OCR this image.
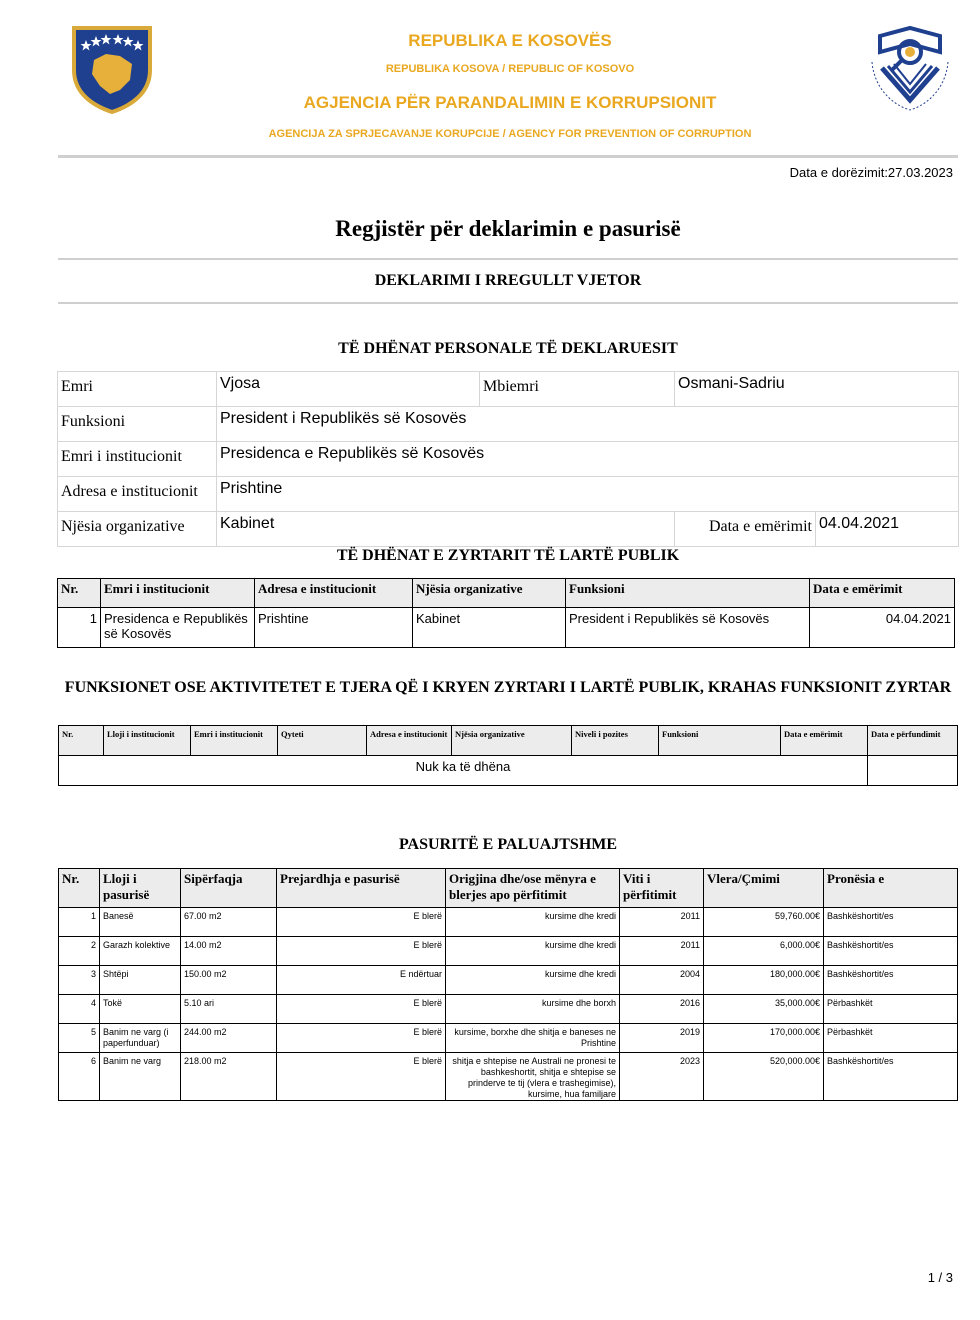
REPUBLIKA E KOSOVËS
REPUBLIKA KOSOVA / REPUBLIC OF KOSOVO
AGJENCIA PËR PARANDALIMIN E KORRUPSIONIT
AGENCIJA ZA SPRJECAVANJE KORUPCIJE / AGENCY FOR PREVENTION OF CORRUPTION
Data e dorëzimit:27.03.2023
Regjistër për deklarimin e pasurisë
DEKLARIMI I RREGULLT VJETOR
TË DHËNAT PERSONALE TË DEKLARUESIT
Emri	Vjosa	Mbiemri	Osmani-Sadriu	
Funksioni	President i Republikës së Kosovës			
Emri i institucionit	Presidenca e Republikës së Kosovës			
Adresa e institucionit	Prishtine			
Njësia organizative	Kabinet		Data e emërimit	04.04.2021
TË DHËNAT E ZYRTARIT TË LARTË PUBLIK
Nr.	Emri i institucionit	Adresa e institucionit	Njësia organizative	Funksioni	Data e emërimit
1	Presidenca e Republikës së Kosovës	Prishtine	Kabinet	President i Republikës së Kosovës	04.04.2021
FUNKSIONET OSE AKTIVITETET E TJERA QË I KRYEN ZYRTARI I LARTË PUBLIK, KRAHAS FUNKSIONIT ZYRTAR
Nr.	Lloji i institucionit	Emri i institucionit	Qyteti	Adresa e institucionit	Njësia organizative	Niveli i pozites	Funksioni	Data e emërimit	Data e përfundimit
Nuk ka të dhëna									
PASURITË E PALUAJTSHME
Nr.	Lloji i pasurisë	Sipërfaqja	Prejardhja e pasurisë	Origjina dhe/ose mënyra e blerjes apo përfitimit	Viti i përfitimit	Vlera/Çmimi	Pronësia e
1	Banesë	67.00 m2	E blerë	kursime dhe kredi	2011	59,760.00€	Bashkëshortit/es
2	Garazh kolektive	14.00 m2	E blerë	kursime dhe kredi	2011	6,000.00€	Bashkëshortit/es
3	Shtëpi	150.00 m2	E ndërtuar	kursime dhe kredi	2004	180,000.00€	Bashkëshortit/es
4	Tokë	5.10 ari	E blerë	kursime dhe borxh	2016	35,000.00€	Përbashkët
5	Banim ne varg (i paperfunduar)	244.00 m2	E blerë	kursime, borxhe dhe shitja e baneses ne Prishtine	2019	170,000.00€	Përbashkët
6	Banim ne varg	218.00 m2	E blerë	shitja e shtepise ne Australi ne pronesi te bashkeshortit, shitja e shtepise se prinderve te tij (vlera e trashegimise), kursime, hua familjare	2023	520,000.00€	Bashkëshortit/es
1 / 3
